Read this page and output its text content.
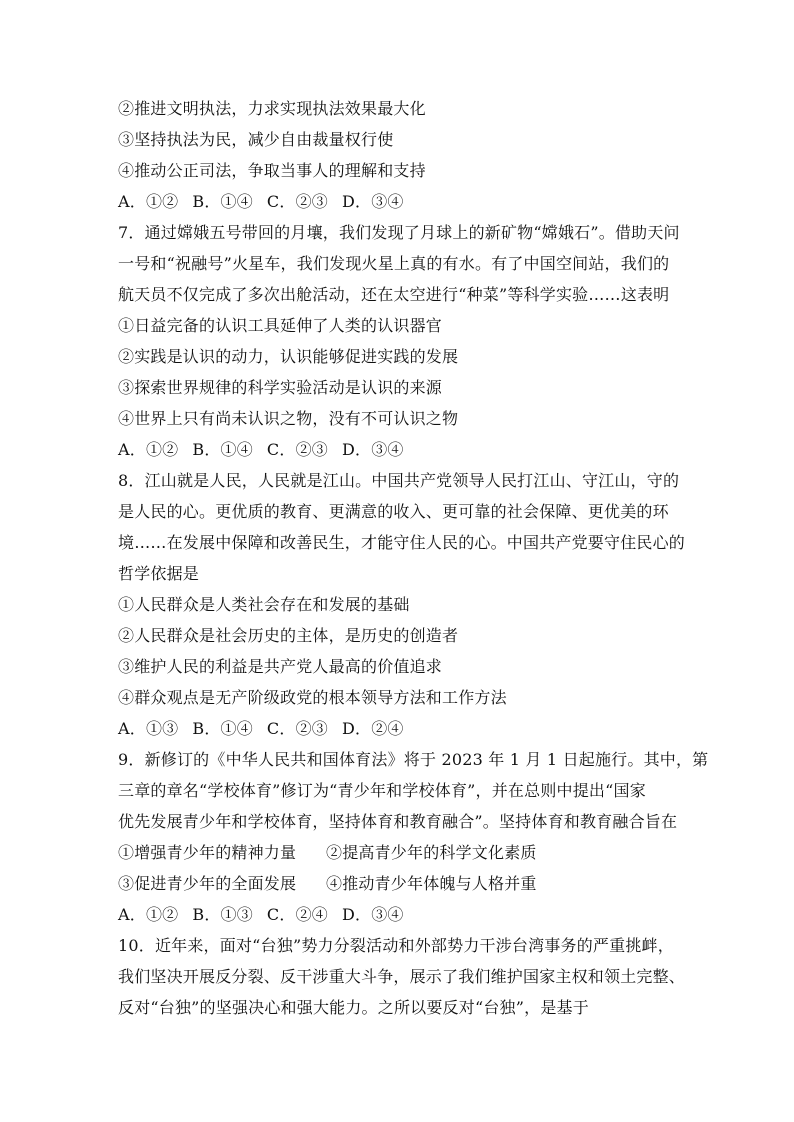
②推进文明执法，力求实现执法效果最大化
③坚持执法为民，减少自由裁量权行使
④推动公正司法，争取当事人的理解和支持
A．①② B．①④ C．②③ D．③④
7．通过嫦娥五号带回的月壤，我们发现了月球上的新矿物“嫦娥石”。借助天问
一号和“祝融号”火星车，我们发现火星上真的有水。有了中国空间站，我们的
航天员不仅完成了多次出舱活动，还在太空进行“种菜”等科学实验……这表明
①日益完备的认识工具延伸了人类的认识器官
②实践是认识的动力，认识能够促进实践的发展
③探索世界规律的科学实验活动是认识的来源
④世界上只有尚未认识之物，没有不可认识之物
A．①② B．①④ C．②③ D．③④
8．江山就是人民，人民就是江山。中国共产党领导人民打江山、守江山，守的
是人民的心。更优质的教育、更满意的收入、更可靠的社会保障、更优美的环
境……在发展中保障和改善民生，才能守住人民的心。中国共产党要守住民心的
哲学依据是
①人民群众是人类社会存在和发展的基础
②人民群众是社会历史的主体，是历史的创造者
③维护人民的利益是共产党人最高的价值追求
④群众观点是无产阶级政党的根本领导方法和工作方法
A．①③ B．①④ C．②③ D．②④
9．新修订的《中华人民共和国体育法》将于 2023 年 1 月 1 日起施行。其中，第
三章的章名“学校体育”修订为“青少年和学校体育”，并在总则中提出“国家
优先发展青少年和学校体育，坚持体育和教育融合”。坚持体育和教育融合旨在
①增强青少年的精神力量 ②提高青少年的科学文化素质
③促进青少年的全面发展 ④推动青少年体魄与人格并重
A．①② B．①③ C．②④ D．③④
10．近年来，面对“台独”势力分裂活动和外部势力干涉台湾事务的严重挑衅，
我们坚决开展反分裂、反干涉重大斗争，展示了我们维护国家主权和领土完整、
反对“台独”的坚强决心和强大能力。之所以要反对“台独”，是基于
